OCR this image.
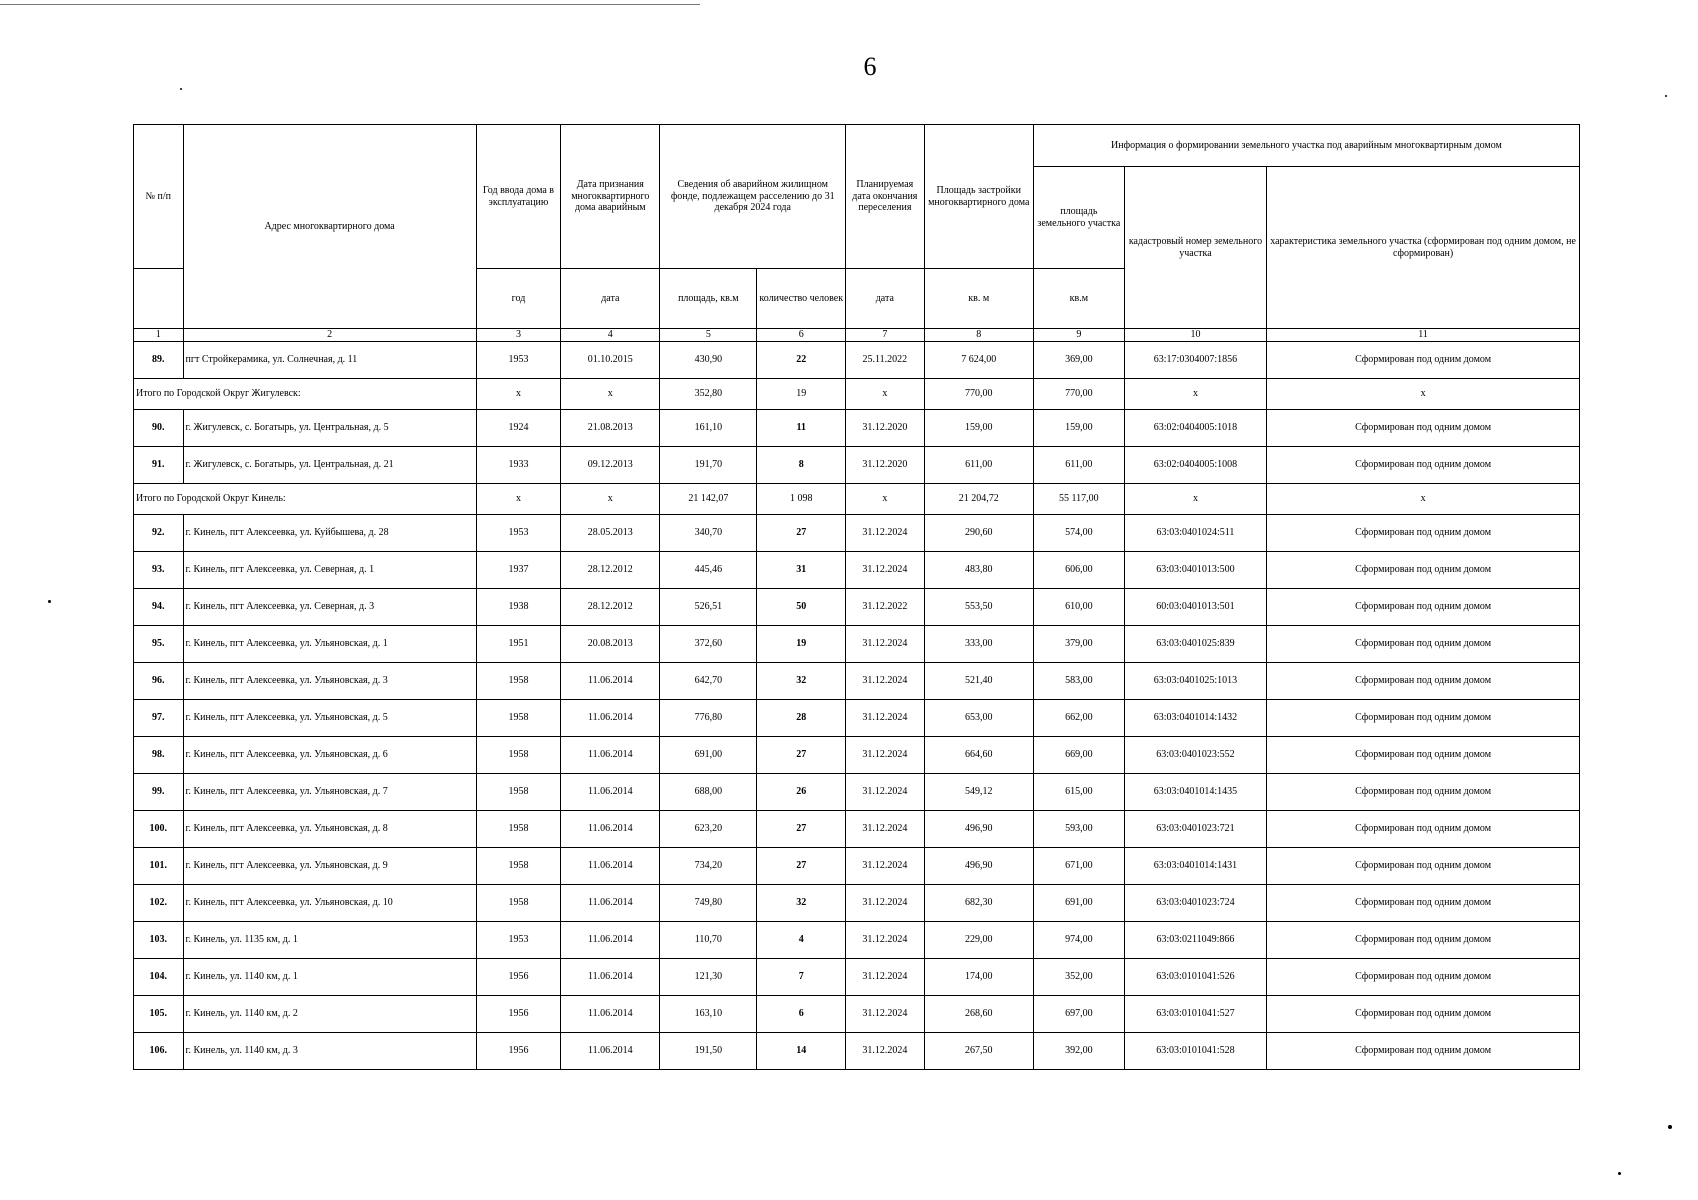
6
№ п/п	Адрес многоквартирного дома	Год ввода дома в эксплуатацию	Дата признания многоквартирного дома аварийным	Сведения об аварийном жилищном фонде, подлежащем расселению до 31 декабря 2024 года		Планируемая дата окончания переселения	Площадь застройки многоквартирного дома	Информация о формировании земельного участка под аварийным многоквартирным домом		
								площадь земельного участка	кадастровый номер земельного участка	характеристика земельного участка (сформирован под одним домом, не сформирован)
		год	дата	площадь, кв.м	количество человек	дата	кв. м	кв.м		
1	2	3	4	5	6	7	8	9	10	11
89.	пгт Стройкерамика, ул. Солнечная, д. 11	1953	01.10.2015	430,90	22	25.11.2022	7 624,00	369,00	63:17:0304007:1856	Сформирован под одним домом
Итого по Городской Округ Жигулевск:		х	х	352,80	19	х	770,00	770,00	х	х
90.	г. Жигулевск, с. Богатырь, ул. Центральная, д. 5	1924	21.08.2013	161,10	11	31.12.2020	159,00	159,00	63:02:0404005:1018	Сформирован под одним домом
91.	г. Жигулевск, с. Богатырь, ул. Центральная, д. 21	1933	09.12.2013	191,70	8	31.12.2020	611,00	611,00	63:02:0404005:1008	Сформирован под одним домом
Итого по Городской Округ Кинель:		х	х	21 142,07	1 098	х	21 204,72	55 117,00	х	х
92.	г. Кинель, пгт Алексеевка, ул. Куйбышева, д. 28	1953	28.05.2013	340,70	27	31.12.2024	290,60	574,00	63:03:0401024:511	Сформирован под одним домом
93.	г. Кинель, пгт Алексеевка, ул. Северная, д. 1	1937	28.12.2012	445,46	31	31.12.2024	483,80	606,00	63:03:0401013:500	Сформирован под одним домом
94.	г. Кинель, пгт Алексеевка, ул. Северная, д. 3	1938	28.12.2012	526,51	50	31.12.2022	553,50	610,00	60:03:0401013:501	Сформирован под одним домом
95.	г. Кинель, пгт Алексеевка, ул. Ульяновская, д. 1	1951	20.08.2013	372,60	19	31.12.2024	333,00	379,00	63:03:0401025:839	Сформирован под одним домом
96.	г. Кинель, пгт Алексеевка, ул. Ульяновская, д. 3	1958	11.06.2014	642,70	32	31.12.2024	521,40	583,00	63:03:0401025:1013	Сформирован под одним домом
97.	г. Кинель, пгт Алексеевка, ул. Ульяновская, д. 5	1958	11.06.2014	776,80	28	31.12.2024	653,00	662,00	63:03:0401014:1432	Сформирован под одним домом
98.	г. Кинель, пгт Алексеевка, ул. Ульяновская, д. 6	1958	11.06.2014	691,00	27	31.12.2024	664,60	669,00	63:03:0401023:552	Сформирован под одним домом
99.	г. Кинель, пгт Алексеевка, ул. Ульяновская, д. 7	1958	11.06.2014	688,00	26	31.12.2024	549,12	615,00	63:03:0401014:1435	Сформирован под одним домом
100.	г. Кинель, пгт Алексеевка, ул. Ульяновская, д. 8	1958	11.06.2014	623,20	27	31.12.2024	496,90	593,00	63:03:0401023:721	Сформирован под одним домом
101.	г. Кинель, пгт Алексеевка, ул. Ульяновская, д. 9	1958	11.06.2014	734,20	27	31.12.2024	496,90	671,00	63:03:0401014:1431	Сформирован под одним домом
102.	г. Кинель, пгт Алексеевка, ул. Ульяновская, д. 10	1958	11.06.2014	749,80	32	31.12.2024	682,30	691,00	63:03:0401023:724	Сформирован под одним домом
103.	г. Кинель, ул. 1135 км, д. 1	1953	11.06.2014	110,70	4	31.12.2024	229,00	974,00	63:03:0211049:866	Сформирован под одним домом
104.	г. Кинель, ул. 1140 км, д. 1	1956	11.06.2014	121,30	7	31.12.2024	174,00	352,00	63:03:0101041:526	Сформирован под одним домом
105.	г. Кинель, ул. 1140 км, д. 2	1956	11.06.2014	163,10	6	31.12.2024	268,60	697,00	63:03:0101041:527	Сформирован под одним домом
106.	г. Кинель, ул. 1140 км, д. 3	1956	11.06.2014	191,50	14	31.12.2024	267,50	392,00	63:03:0101041:528	Сформирован под одним домом
